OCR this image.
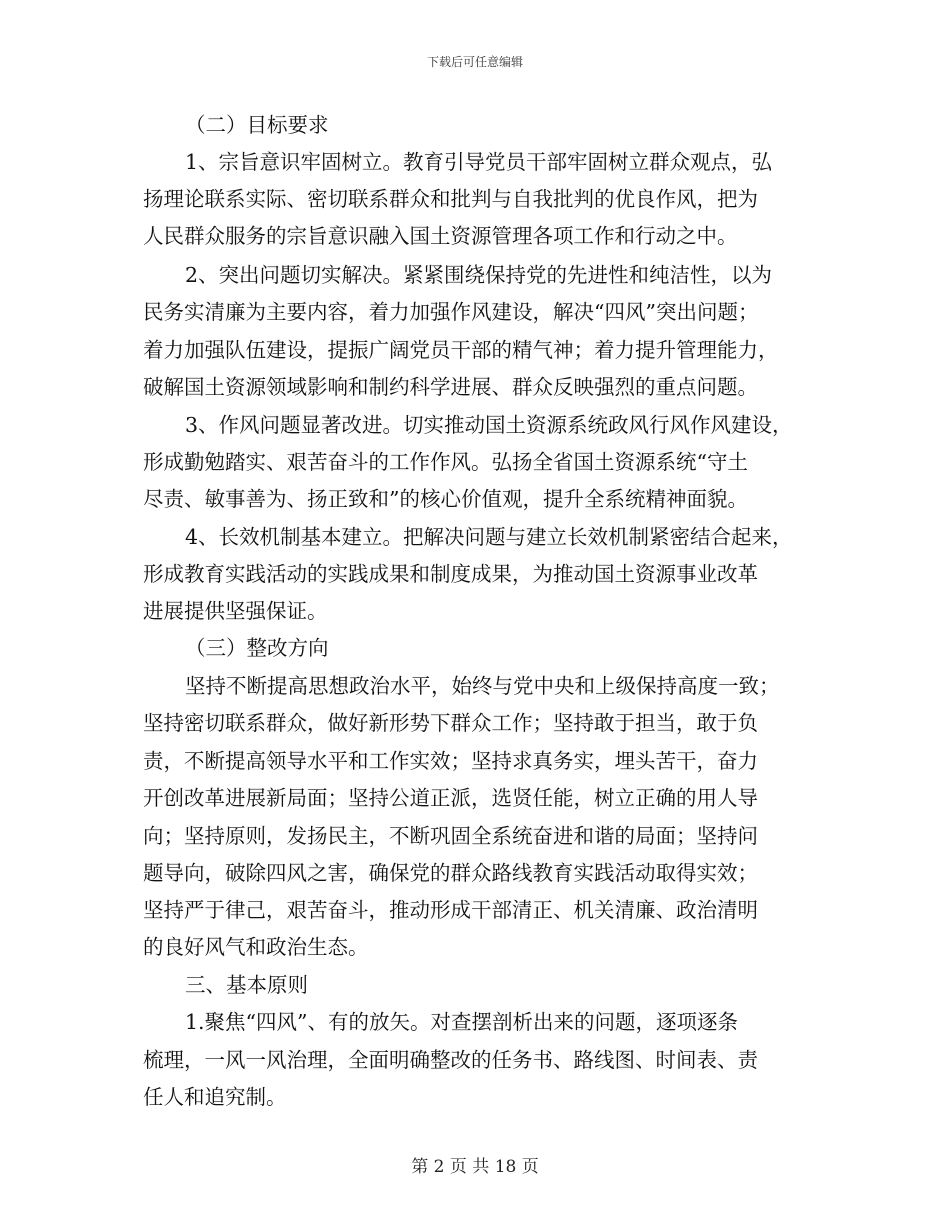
下载后可任意编辑
（二）目标要求
1、宗旨意识牢固树立。教育引导党员干部牢固树立群众观点，弘
扬理论联系实际、密切联系群众和批判与自我批判的优良作风，把为
人民群众服务的宗旨意识融入国土资源管理各项工作和行动之中。
2、突出问题切实解决。紧紧围绕保持党的先进性和纯洁性，以为
民务实清廉为主要内容，着力加强作风建设，解决“四风”突出问题；
着力加强队伍建设，提振广阔党员干部的精气神；着力提升管理能力，
破解国土资源领域影响和制约科学进展、群众反映强烈的重点问题。
3、作风问题显著改进。切实推动国土资源系统政风行风作风建设，
形成勤勉踏实、艰苦奋斗的工作作风。弘扬全省国土资源系统“守土
尽责、敏事善为、扬正致和”的核心价值观，提升全系统精神面貌。
4、长效机制基本建立。把解决问题与建立长效机制紧密结合起来，
形成教育实践活动的实践成果和制度成果，为推动国土资源事业改革
进展提供坚强保证。
（三）整改方向
坚持不断提高思想政治水平，始终与党中央和上级保持高度一致；
坚持密切联系群众，做好新形势下群众工作；坚持敢于担当，敢于负
责，不断提高领导水平和工作实效；坚持求真务实，埋头苦干，奋力
开创改革进展新局面；坚持公道正派，选贤任能，树立正确的用人导
向；坚持原则，发扬民主，不断巩固全系统奋进和谐的局面；坚持问
题导向，破除四风之害，确保党的群众路线教育实践活动取得实效；
坚持严于律己，艰苦奋斗，推动形成干部清正、机关清廉、政治清明
的良好风气和政治生态。
三、基本原则
1.聚焦“四风”、有的放矢。对查摆剖析出来的问题，逐项逐条
梳理，一风一风治理，全面明确整改的任务书、路线图、时间表、责
任人和追究制。
第 2 页 共 18 页
